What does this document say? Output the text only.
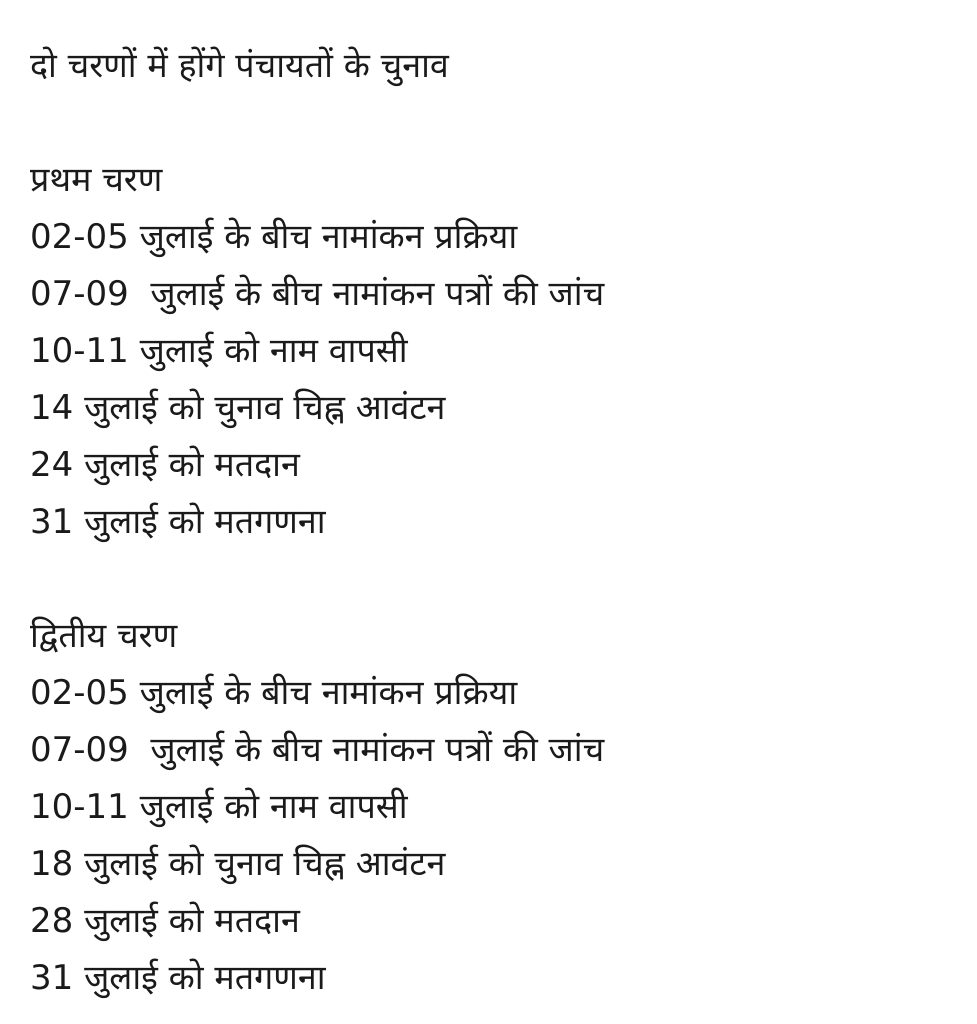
दो चरणों में होंगे पंचायतों के चुनाव
प्रथम चरण

02-05 जुलाई के बीच नामांकन प्रक्रिया

07-09  जुलाई के बीच नामांकन पत्रों की जांच

10-11 जुलाई को नाम वापसी

14 जुलाई को चुनाव चिह्न आवंटन

24 जुलाई को मतदान

31 जुलाई को मतगणना

द्वितीय चरण

02-05 जुलाई के बीच नामांकन प्रक्रिया

07-09  जुलाई के बीच नामांकन पत्रों की जांच

10-11 जुलाई को नाम वापसी

18 जुलाई को चुनाव चिह्न आवंटन

28 जुलाई को मतदान

31 जुलाई को मतगणना
